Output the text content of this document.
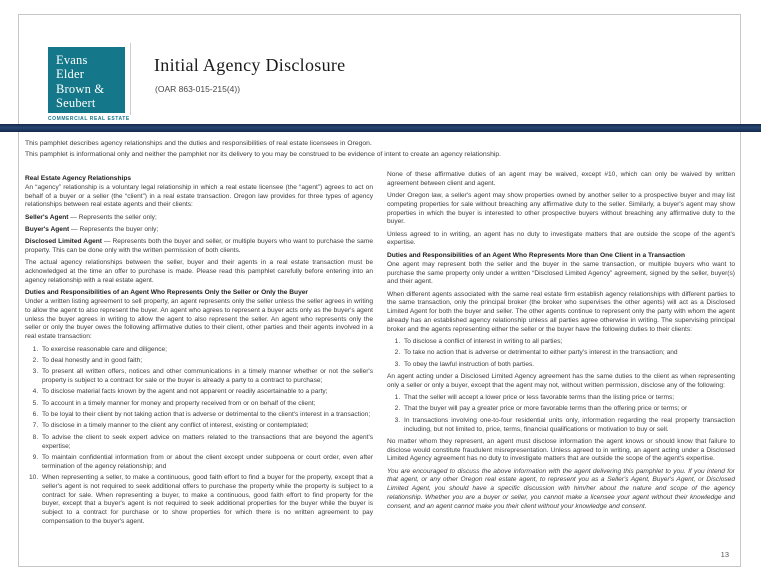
Evans
Elder
Brown &
Seubert
COMMERCIAL REAL ESTATE
Initial Agency Disclosure
(OAR 863-015-215(4))
This pamphlet describes agency relationships and the duties and responsibilities of real estate licensees in Oregon.
This pamphlet is informational only and neither the pamphlet nor its delivery to you may be construed to be evidence of intent to create an agency relationship.
Real Estate Agency Relationships

An “agency” relationship is a voluntary legal relationship in which a real estate licensee (the “agent”) agrees to act on behalf of a buyer or a seller (the “client”) in a real estate transaction. Oregon law provides for three types of agency relationships between real estate agents and their clients:

Seller's Agent — Represents the seller only;

Buyer's Agent — Represents the buyer only;

Disclosed Limited Agent — Represents both the buyer and seller, or multiple buyers who want to purchase the same property. This can be done only with the written permission of both clients.

The actual agency relationships between the seller, buyer and their agents in a real estate transaction must be acknowledged at the time an offer to purchase is made. Please read this pamphlet carefully before entering into an agency relationship with a real estate agent.

Duties and Responsibilities of an Agent Who Represents Only the Seller or Only the Buyer

Under a written listing agreement to sell property, an agent represents only the seller unless the seller agrees in writing to allow the agent to also represent the buyer. An agent who agrees to represent a buyer acts only as the buyer's agent unless the buyer agrees in writing to allow the agent to also represent the seller. An agent who represents only the seller or only the buyer owes the following affirmative duties to their client, other parties and their agents involved in a real estate transaction:

1. To exercise reasonable care and diligence;
2. To deal honestly and in good faith;
3. To present all written offers, notices and other communications in a timely manner whether or not the seller's property is subject to a contract for sale or the buyer is already a party to a contract to purchase;
4. To disclose material facts known by the agent and not apparent or readily ascertainable to a party;
5. To account in a timely manner for money and property received from or on behalf of the client;
6. To be loyal to their client by not taking action that is adverse or detrimental to the client's interest in a transaction;
7. To disclose in a timely manner to the client any conflict of interest, existing or contemplated;
8. To advise the client to seek expert advice on matters related to the transactions that are beyond the agent's expertise;
9. To maintain confidential information from or about the client except under subpoena or court order, even after termination of the agency relationship; and
10. When representing a seller, to make a continuous, good faith effort to find a buyer for the property, except that a seller's agent is not required to seek additional offers to purchase the property while the property is subject to a contract for sale. When representing a buyer, to make a continuous, good faith effort to find property for the buyer, except that a buyer's agent is not required to seek additional properties for the buyer while the buyer is subject to a contract for purchase or to show properties for which there is no written agreement to pay compensation to the buyer's agent.

None of these affirmative duties of an agent may be waived, except #10, which can only be waived by written agreement between client and agent.

Under Oregon law, a seller's agent may show properties owned by another seller to a prospective buyer and may list competing properties for sale without breaching any affirmative duty to the seller. Similarly, a buyer's agent may show properties in which the buyer is interested to other prospective buyers without breaching any affirmative duty to the buyer.

Unless agreed to in writing, an agent has no duty to investigate matters that are outside the scope of the agent's expertise.

Duties and Responsibilities of an Agent Who Represents More than One Client in a Transaction

One agent may represent both the seller and the buyer in the same transaction, or multiple buyers who want to purchase the same property only under a written “Disclosed Limited Agency” agreement, signed by the seller, buyer(s) and their agent.

When different agents associated with the same real estate firm establish agency relationships with different parties to the same transaction, only the principal broker (the broker who supervises the other agents) will act as a Disclosed Limited Agent for both the buyer and seller. The other agents continue to represent only the party with whom the agent already has an established agency relationship unless all parties agree otherwise in writing. The supervising principal broker and the agents representing either the seller or the buyer have the following duties to their clients:

1. To disclose a conflict of interest in writing to all parties;
2. To take no action that is adverse or detrimental to either party's interest in the transaction; and
3. To obey the lawful instruction of both parties.

An agent acting under a Disclosed Limited Agency agreement has the same duties to the client as when representing only a seller or only a buyer, except that the agent may not, without written permission, disclose any of the following:

1. That the seller will accept a lower price or less favorable terms than the listing price or terms;
2. That the buyer will pay a greater price or more favorable terms than the offering price or terms; or
3. In transactions involving one-to-four residential units only, information regarding the real property transaction including, but not limited to, price, terms, financial qualifications or motivation to buy or sell.

No matter whom they represent, an agent must disclose information the agent knows or should know that failure to disclose would constitute fraudulent misrepresentation. Unless agreed to in writing, an agent acting under a Disclosed Limited Agency agreement has no duty to investigate matters that are outside the scope of the agent's expertise.

You are encouraged to discuss the above information with the agent delivering this pamphlet to you. If you intend for that agent, or any other Oregon real estate agent, to represent you as a Seller's Agent, Buyer's Agent, or Disclosed Limited Agent, you should have a specific discussion with him/her about the nature and scope of the agency relationship. Whether you are a buyer or seller, you cannot make a licensee your agent without their knowledge and consent, and an agent cannot make you their client without your knowledge and consent.

13
